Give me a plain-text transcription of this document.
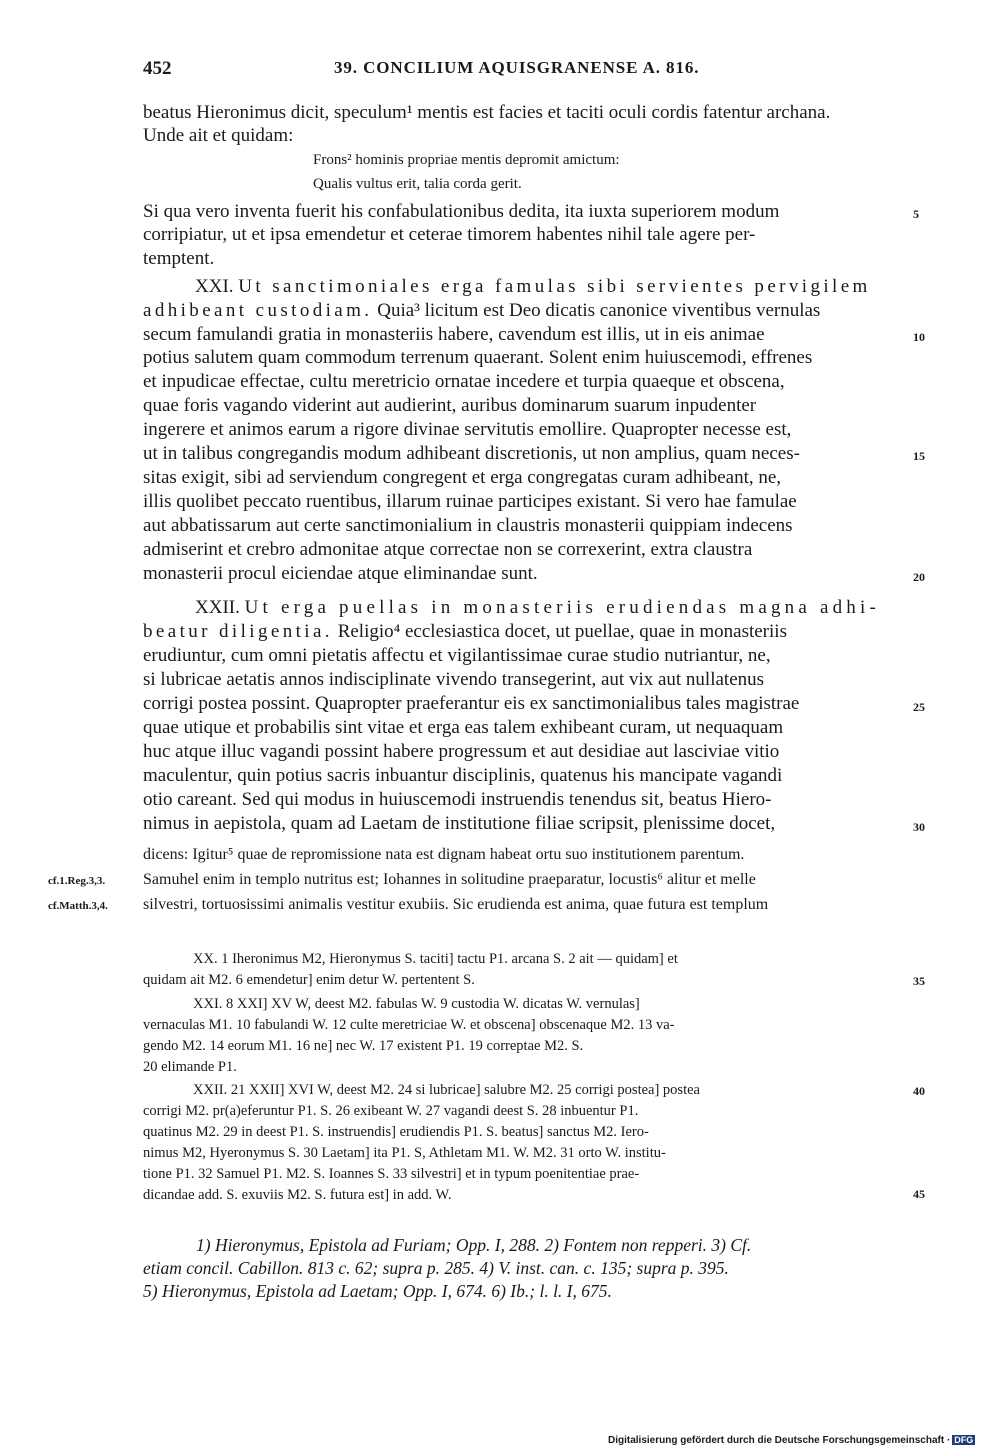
452	39. CONCILIUM AQUISGRANENSE A. 816.
beatus Hieronimus dicit, speculum¹ mentis est facies et taciti oculi cordis fatentur archana.
Unde ait et quidam:
Frons² hominis propriae mentis depromit amictum:
Qualis vultus erit, talia corda gerit.
Si qua vero inventa fuerit his confabulationibus dedita, ita iuxta superiorem modum
corripiatur, ut et ipsa emendetur et ceterae timorem habentes nihil tale agere per-
temptent.
XXI. Ut sanctimoniales erga famulas sibi servientes pervigilem
adhibeant custodiam. Quia³ licitum est Deo dicatis canonice viventibus vernulas
secum famulandi gratia in monasteriis habere, cavendum est illis, ut in eis animae
potius salutem quam commodum terrenum quaerant. Solent enim huiuscemodi, effrenes
et inpudicae effectae, cultu meretricio ornatae incedere et turpia quaeque et obscena,
quae foris vagando viderint aut audierint, auribus dominarum suarum inpudenter
ingerere et animos earum a rigore divinae servitutis emollire. Quapropter necesse est,
ut in talibus congregandis modum adhibeant discretionis, ut non amplius, quam neces-
sitas exigit, sibi ad serviendum congregent et erga congregatas curam adhibeant, ne,
illis quolibet peccato ruentibus, illarum ruinae participes existant. Si vero hae famulae
aut abbatissarum aut certe sanctimonialium in claustris monasterii quippiam indecens
admiserint et crebro admonitae atque correctae non se correxerint, extra claustra
monasterii procul eiciendae atque eliminandae sunt.
XXII. Ut erga puellas in monasteriis erudiendas magna adhi-
beatur diligentia. Religio⁴ ecclesiastica docet, ut puellae, quae in monasteriis
erudiuntur, cum omni pietatis affectu et vigilantissimae curae studio nutriantur, ne,
si lubricae aetatis annos indisciplinate vivendo transegerint, aut vix aut nullatenus
corrigi postea possint. Quapropter praeferantur eis ex sanctimonialibus tales magistrae
quae utique et probabilis sint vitae et erga eas talem exhibeant curam, ut nequaquam
huc atque illuc vagandi possint habere progressum et aut desidiae aut lasciviae vitio
maculentur, quin potius sacris inbuantur disciplinis, quatenus his mancipate vagandi
otio careant. Sed qui modus in huiuscemodi instruendis tenendus sit, beatus Hiero-
nimus in aepistola, quam ad Laetam de institutione filiae scripsit, plenissime docet,
dicens: Igitur⁵ quae de repromissione nata est dignam habeat ortu suo institutionem parentum.
Samuhel enim in templo nutritus est; Iohannes in solitudine praeparatur, locustis⁶ alitur et melle
silvestri, tortuosissimi animalis vestitur exubiis. Sic erudienda est anima, quae futura est templum
5
10
15
20
25
30
35
40
45
cf.1.Reg.3,3.
cf.Matth.3,4.
XX. 1 Iheronimus M2, Hieronymus S. taciti] tactu P1. arcana S. 2 ait — quidam] et
quidam ait M2. 6 emendetur] enim detur W. pertentent S.
XXI. 8 XXI] XV W, deest M2. fabulas W. 9 custodia W. dicatas W. vernulas]
vernaculas M1. 10 fabulandi W. 12 culte meretriciae W. et obscena] obscenaque M2. 13 va-
gendo M2. 14 eorum M1. 16 ne] nec W. 17 existent P1. 19 correptae M2. S.
20 elimande P1.
XXII. 21 XXII] XVI W, deest M2. 24 si lubricae] salubre M2. 25 corrigi postea] postea
corrigi M2. pr(a)eferuntur P1. S. 26 exibeant W. 27 vagandi deest S. 28 inbuentur P1.
quatinus M2. 29 in deest P1. S. instruendis] erudiendis P1. S. beatus] sanctus M2. Iero-
nimus M2, Hyeronymus S. 30 Laetam] ita P1. S, Athletam M1. W. M2. 31 orto W. institu-
tione P1. 32 Samuel P1. M2. S. Ioannes S. 33 silvestri] et in typum poenitentiae prae-
dicandae add. S. exuviis M2. S. futura est] in add. W.
1) Hieronymus, Epistola ad Furiam; Opp. I, 288. 2) Fontem non repperi. 3) Cf.
etiam concil. Cabillon. 813 c. 62; supra p. 285. 4) V. inst. can. c. 135; supra p. 395.
5) Hieronymus, Epistola ad Laetam; Opp. I, 674. 6) Ib.; l. l. I, 675.
Digitalisierung gefördert durch die Deutsche Forschungsgemeinschaft · DFG
